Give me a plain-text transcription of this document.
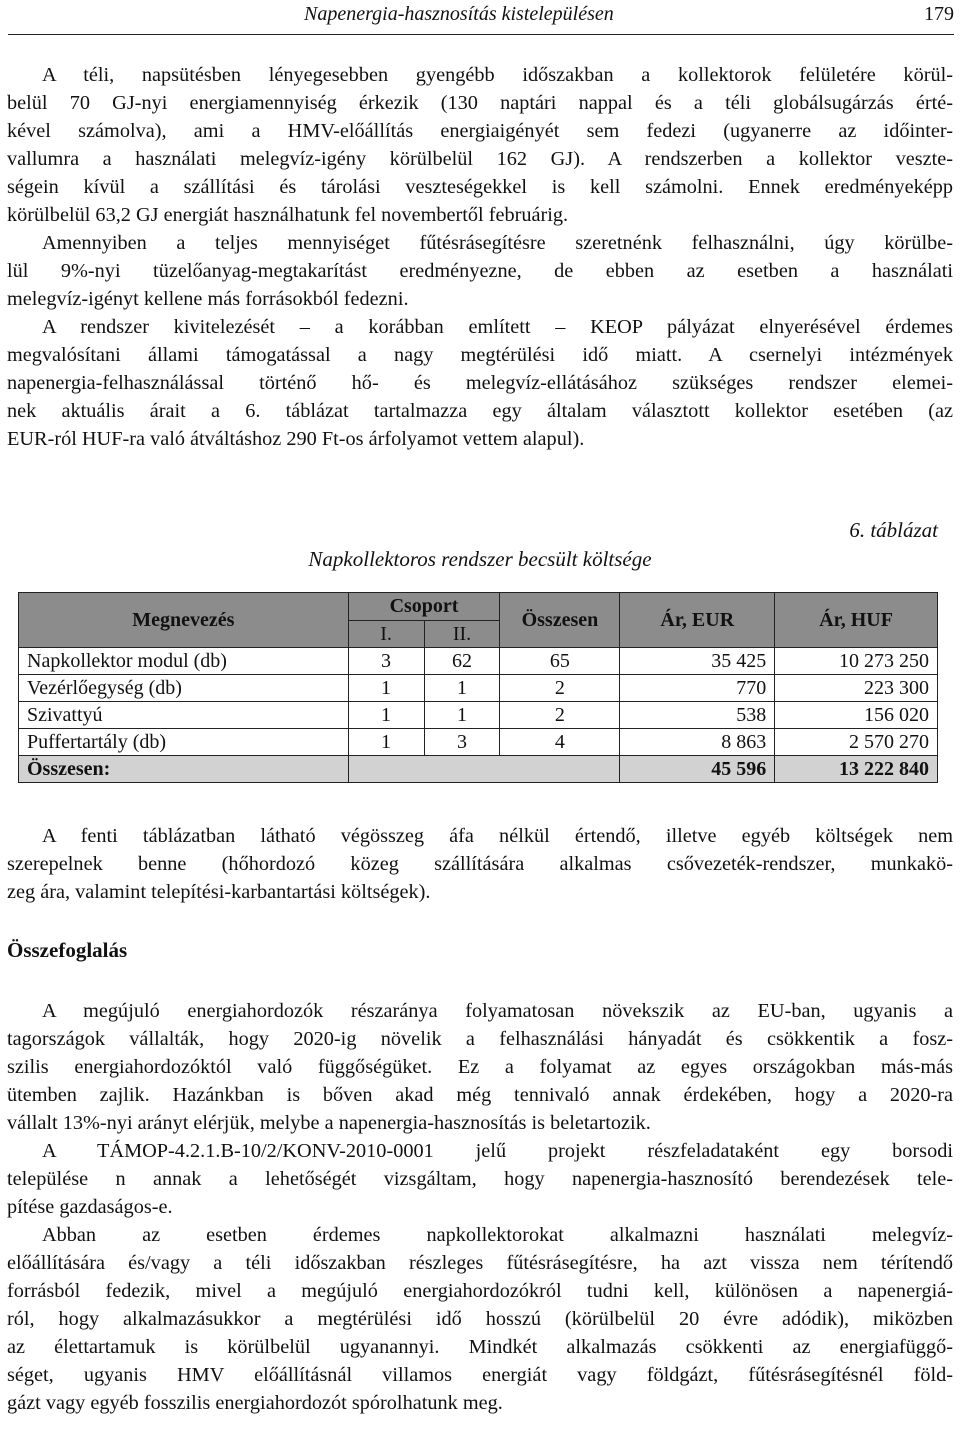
Napenergia-hasznosítás kistelepülésen	179
A téli, napsütésben lényegesebben gyengébb időszakban a kollektorok felületére körül-
belül 70 GJ-nyi energiamennyiség érkezik (130 naptári nappal és a téli globálsugárzás érté-
kével számolva), ami a HMV-előállítás energiaigényét sem fedezi (ugyanerre az időinter-
vallumra a használati melegvíz-igény körülbelül 162 GJ). A rendszerben a kollektor veszte-
ségein kívül a szállítási és tárolási veszteségekkel is kell számolni. Ennek eredményeképp
körülbelül 63,2 GJ energiát használhatunk fel novembertől februárig.
Amennyiben a teljes mennyiséget fűtésrásegítésre szeretnénk felhasználni, úgy körülbe-
lül 9%-nyi tüzelőanyag-megtakarítást eredményezne, de ebben az esetben a használati
melegvíz-igényt kellene más forrásokból fedezni.
A rendszer kivitelezését – a korábban említett – KEOP pályázat elnyerésével érdemes
megvalósítani állami támogatással a nagy megtérülési idő miatt. A csernelyi intézmények
napenergia-felhasználással történő hő- és melegvíz-ellátásához szükséges rendszer elemei-
nek aktuális árait a 6. táblázat tartalmazza egy általam választott kollektor esetében (az
EUR-ról HUF-ra való átváltáshoz 290 Ft-os árfolyamot vettem alapul).
6. táblázat
Napkollektoros rendszer becsült költsége
Megnevezés	Csoport		Összesen	Ár, EUR	Ár, HUF
	I.	II.			
Napkollektor modul (db)	3	62	65	35 425	10 273 250
Vezérlőegység (db)	1	1	2	770	223 300
Szivattyú	1	1	2	538	156 020
Puffertartály (db)	1	3	4	8 863	2 570 270
Összesen:				45 596	13 222 840
A fenti táblázatban látható végösszeg áfa nélkül értendő, illetve egyéb költségek nem
szerepelnek benne (hőhordozó közeg szállítására alkalmas csővezeték-rendszer, munkakö-
zeg ára, valamint telepítési-karbantartási költségek).
Összefoglalás
A megújuló energiahordozók részaránya folyamatosan növekszik az EU-ban, ugyanis a
tagországok vállalták, hogy 2020-ig növelik a felhasználási hányadát és csökkentik a fosz-
szilis energiahordozóktól való függőségüket. Ez a folyamat az egyes országokban más-más
ütemben zajlik. Hazánkban is bőven akad még tennivaló annak érdekében, hogy a 2020-ra
vállalt 13%-nyi arányt elérjük, melybe a napenergia-hasznosítás is beletartozik.
A TÁMOP-4.2.1.B-10/2/KONV-2010-0001 jelű projekt részfeladataként egy borsodi
települése n annak a lehetőségét vizsgáltam, hogy napenergia-hasznosító berendezések tele-
pítése gazdaságos-e.
Abban az esetben érdemes napkollektorokat alkalmazni használati melegvíz-
előállítására és/vagy a téli időszakban részleges fűtésrásegítésre, ha azt vissza nem térítendő
forrásból fedezik, mivel a megújuló energiahordozókról tudni kell, különösen a napenergiá-
ról, hogy alkalmazásukkor a megtérülési idő hosszú (körülbelül 20 évre adódik), miközben
az élettartamuk is körülbelül ugyanannyi. Mindkét alkalmazás csökkenti az energiafüggő-
séget, ugyanis HMV előállításnál villamos energiát vagy földgázt, fűtésrásegítésnél föld-
gázt vagy egyéb fosszilis energiahordozót spórolhatunk meg.
